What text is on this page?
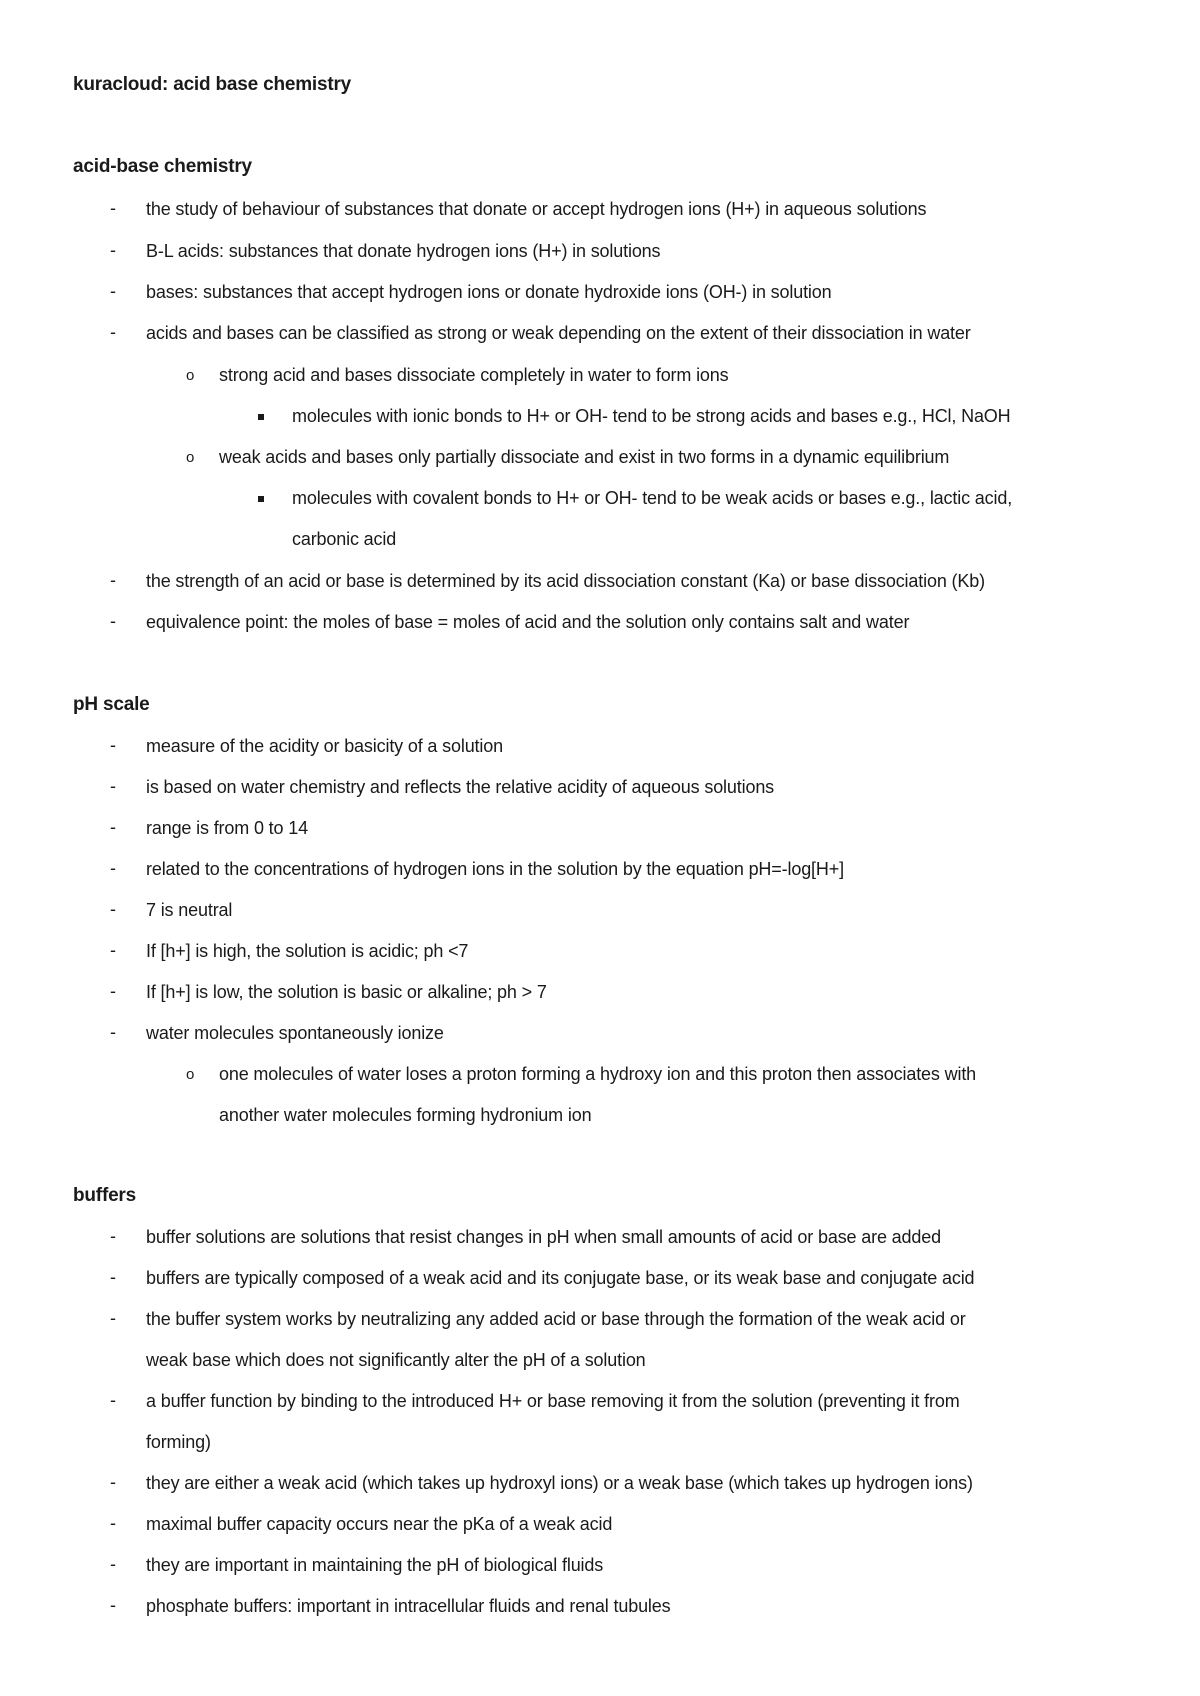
kuracloud: acid base chemistry
acid-base chemistry
- the study of behaviour of substances that donate or accept hydrogen ions (H+) in aqueous solutions
- B-L acids: substances that donate hydrogen ions (H+) in solutions
- bases: substances that accept hydrogen ions or donate hydroxide ions (OH-) in solution
- acids and bases can be classified as strong or weak depending on the extent of their dissociation in water
o strong acid and bases dissociate completely in water to form ions
molecules with ionic bonds to H+ or OH- tend to be strong acids and bases e.g., HCl, NaOH
o weak acids and bases only partially dissociate and exist in two forms in a dynamic equilibrium
molecules with covalent bonds to H+ or OH- tend to be weak acids or bases e.g., lactic acid,
carbonic acid
- the strength of an acid or base is determined by its acid dissociation constant (Ka) or base dissociation (Kb)
- equivalence point: the moles of base = moles of acid and the solution only contains salt and water
pH scale
- measure of the acidity or basicity of a solution
- is based on water chemistry and reflects the relative acidity of aqueous solutions
- range is from 0 to 14
- related to the concentrations of hydrogen ions in the solution by the equation pH=-log[H+]
- 7 is neutral
- If [h+] is high, the solution is acidic; ph <7
- If [h+] is low, the solution is basic or alkaline; ph > 7
- water molecules spontaneously ionize
o one molecules of water loses a proton forming a hydroxy ion and this proton then associates with
another water molecules forming hydronium ion
buffers
- buffer solutions are solutions that resist changes in pH when small amounts of acid or base are added
- buffers are typically composed of a weak acid and its conjugate base, or its weak base and conjugate acid
- the buffer system works by neutralizing any added acid or base through the formation of the weak acid or
weak base which does not significantly alter the pH of a solution
- a buffer function by binding to the introduced H+ or base removing it from the solution (preventing it from
forming)
- they are either a weak acid (which takes up hydroxyl ions) or a weak base (which takes up hydrogen ions)
- maximal buffer capacity occurs near the pKa of a weak acid
- they are important in maintaining the pH of biological fluids
- phosphate buffers: important in intracellular fluids and renal tubules
